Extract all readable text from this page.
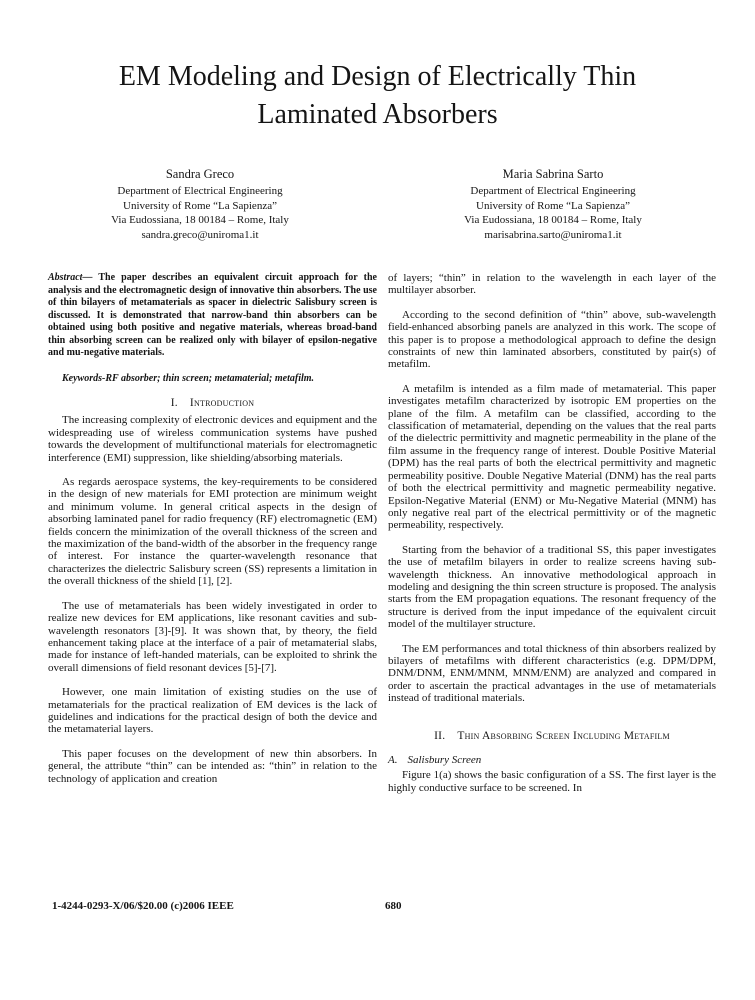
EM Modeling and Design of Electrically Thin
Laminated Absorbers
Sandra Greco
Department of Electrical Engineering
University of Rome “La Sapienza”
Via Eudossiana, 18 00184 – Rome, Italy
sandra.greco@uniroma1.it
Maria Sabrina Sarto
Department of Electrical Engineering
University of Rome “La Sapienza”
Via Eudossiana, 18 00184 – Rome, Italy
marisabrina.sarto@uniroma1.it

Abstract— The paper describes an equivalent circuit approach for the analysis and the electromagnetic design of innovative thin absorbers. The use of thin bilayers of metamaterials as spacer in dielectric Salisbury screen is discussed. It is demonstrated that narrow-band thin absorbers can be obtained using both positive and negative materials, whereas broad-band thin absorbing screen can be realized only with bilayer of epsilon-negative and mu-negative materials.

Keywords-RF absorber; thin screen; metamaterial; metafilm.

I. Introduction

The increasing complexity of electronic devices and equipment and the widespreading use of wireless communication systems have pushed towards the development of multifunctional materials for electromagnetic interference (EMI) suppression, like shielding/absorbing materials.

As regards aerospace systems, the key-requirements to be considered in the design of new materials for EMI protection are minimum weight and minimum volume. In general critical aspects in the design of absorbing laminated panel for radio frequency (RF) electromagnetic (EM) fields concern the minimization of the overall thickness of the screen and the maximization of the band-width of the absorber in the frequency range of interest. For instance the quarter-wavelength resonance that characterizes the dielectric Salisbury screen (SS) represents a limitation in the overall thickness of the shield [1], [2].

The use of metamaterials has been widely investigated in order to realize new devices for EM applications, like resonant cavities and sub-wavelength resonators [3]-[9]. It was shown that, by theory, the field enhancement taking place at the interface of a pair of metamaterial slabs, made for instance of left-handed materials, can be exploited to shrink the overall dimensions of field resonant devices [5]-[7].

However, one main limitation of existing studies on the use of metamaterials for the practical realization of EM devices is the lack of guidelines and indications for the practical design of both the device and the metamaterial layers.

This paper focuses on the development of new thin absorbers. In general, the attribute “thin” can be intended as: “thin” in relation to the technology of application and creation

of layers; “thin” in relation to the wavelength in each layer of the multilayer absorber.

According to the second definition of “thin” above, sub-wavelength field-enhanced absorbing panels are analyzed in this work. The scope of this paper is to propose a methodological approach to define the design constraints of new thin laminated absorbers, constituted by pair(s) of metafilm.

A metafilm is intended as a film made of metamaterial. This paper investigates metafilm characterized by isotropic EM properties on the plane of the film. A metafilm can be classified, according to the classification of metamaterial, depending on the values that the real parts of the dielectric permittivity and magnetic permeability in the plane of the film assume in the frequency range of interest. Double Positive Material (DPM) has the real parts of both the electrical permittivity and magnetic permeability positive. Double Negative Material (DNM) has the real parts of both the electrical permittivity and magnetic permeability negative. Epsilon-Negative Material (ENM) or Mu-Negative Material (MNM) has only negative real part of the electrical permittivity or of the magnetic permeability, respectively.

Starting from the behavior of a traditional SS, this paper investigates the use of metafilm bilayers in order to realize screens having sub-wavelength thickness. An innovative methodological approach in modeling and designing the thin screen structure is proposed. The analysis starts from the EM propagation equations. The resonant frequency of the structure is derived from the input impedance of the equivalent circuit model of the multilayer structure.

The EM performances and total thickness of thin absorbers realized by bilayers of metafilms with different characteristics (e.g. DPM/DPM, DNM/DNM, ENM/MNM, MNM/ENM) are analyzed and compared in order to ascertain the practical advantages in the use of metamaterials instead of traditional materials.

II. Thin Absorbing Screen Including Metafilm

A. Salisbury Screen

Figure 1(a) shows the basic configuration of a SS. The first layer is the highly conductive surface to be screened. In

1-4244-0293-X/06/$20.00 (c)2006 IEEE	680
